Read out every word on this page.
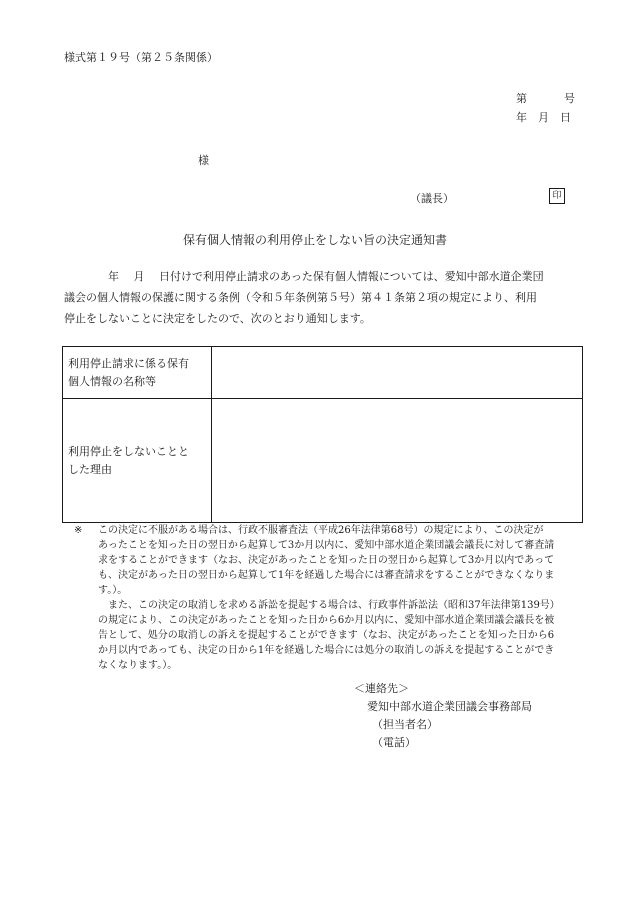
様式第１９号（第２５条関係）
第　　　号
年　月　日
様
（議長）	印
保有個人情報の利用停止をしない旨の決定通知書
　　　　年　 月　 日付けで利用停止請求のあった保有個人情報については、愛知中部水道企業団
議会の個人情報の保護に関する条例（令和５年条例第５号）第４１条第２項の規定により、利用
停止をしないことに決定をしたので、次のとおり通知します。
利用停止請求に係る保有
個人情報の名称等	

利用停止をしないことと
した理由	

※ この決定に不服がある場合は、行政不服審査法（平成26年法律第68号）の規定により、この決定が
あったことを知った日の翌日から起算して3か月以内に、愛知中部水道企業団議会議長に対して審査請
求をすることができます（なお、決定があったことを知った日の翌日から起算して3か月以内であって
も、決定があった日の翌日から起算して1年を経過した場合には審査請求をすることができなくなりま
す。）。
　また、この決定の取消しを求める訴訟を提起する場合は、行政事件訴訟法（昭和37年法律第139号）
の規定により、この決定があったことを知った日から6か月以内に、愛知中部水道企業団議会議長を被
告として、処分の取消しの訴えを提起することができます（なお、決定があったことを知った日から6
か月以内であっても、決定の日から1年を経過した場合には処分の取消しの訴えを提起することができ
なくなります。）。
＜連絡先＞
愛知中部水道企業団議会事務部局
（担当者名）
（電話）
